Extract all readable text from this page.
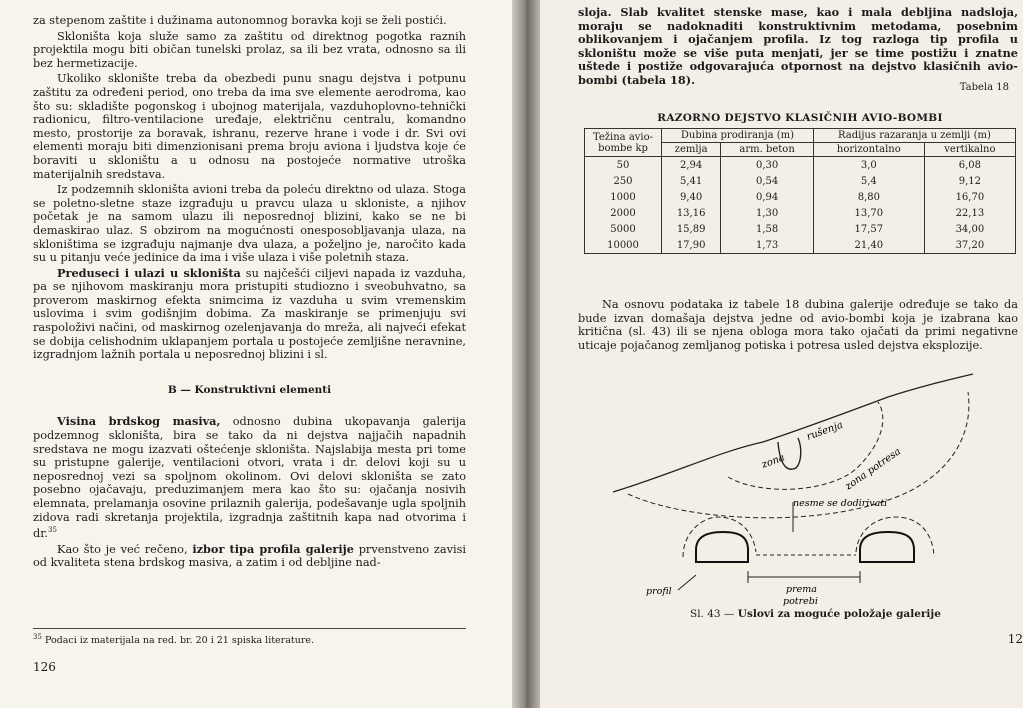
za stepenom zaštite i dužinama autonomnog boravka koji se želi postići.

Skloništa koja služe samo za zaštitu od direktnog pogotka raznih projektila mogu biti običan tunelski prolaz, sa ili bez vrata, odnosno sa ili bez hermetizacije.

Ukoliko sklonište treba da obezbedi punu snagu dejstva i potpunu zaštitu za određeni period, ono treba da ima sve elemente aerodroma, kao što su: skladište pogonskog i ubojnog materijala, vazduhoplovno-tehnički radionicu, filtro-ventilacione uređaje, električnu centralu, komandno mesto, prostorije za boravak, ishranu, rezerve hrane i vode i dr. Svi ovi elementi moraju biti dimenzionisani prema broju aviona i ljudstva koje će boraviti u skloništu a u odnosu na postojeće normative utroška materijalnih sredstava.

Iz podzemnih skloništa avioni treba da poleću direktno od ulaza. Stoga se poletno-sletne staze izgrađuju u pravcu ulaza u skloniste, a njihov početak je na samom ulazu ili neposrednoj blizini, kako se ne bi demaskirao ulaz. S obzirom na mogućnosti onesposobljavanja ulaza, na skloništima se izgrađuju najmanje dva ulaza, a poželjno je, naročito kada su u pitanju veće jedinice da ima i više ulaza i više poletnih staza.

Preduseci i ulazi u skloništa su najčešći ciljevi napada iz vazduha, pa se njihovom maskiranju mora pristupiti studiozno i sveobuhvatno, sa proverom maskirnog efekta snimcima iz vazduha u svim vremenskim uslovima i svim godišnjim dobima. Za maskiranje se primenjuju svi raspoloživi načini, od maskirnog ozelenjavanja do mreža, ali najveći efekat se dobija celishodnim uklapanjem portala u postojeće zemljišne neravnine, izgradnjom lažnih portala u neposrednoj blizini i sl.

B — Konstruktivni elementi

Visina brdskog masiva, odnosno dubina ukopavanja galerija podzemnog skloništa, bira se tako da ni dejstva najjačih napadnih sredstava ne mogu izazvati oštećenje skloništa. Najslabija mesta pri tome su pristupne galerije, ventilacioni otvori, vrata i dr. delovi koji su u neposrednoj vezi sa spoljnom okolinom. Ovi delovi skloništa se zato posebno ojačavaju, preduzimanjem mera kao što su: ojačanja nosivih elemnata, prelamanja osovine prilaznih galerija, podešavanje ugla spoljnih zidova radi skretanja projektila, izgradnja zaštitnih kapa nad otvorima i dr.$^{35}$

Kao što je već rečeno, izbor tipa profila galerije prvenstveno zavisi od kvaliteta stena brdskog masiva, a zatim i od debljine nad-

$^{35}$ Podaci iz materijala na red. br. 20 i 21 spiska literature.
126

sloja. Slab kvalitet stenske mase, kao i mala debljina nadsloja, moraju se nadoknaditi konstruktivnim metodama, posebnim oblikovanjem i ojačanjem profila. Iz tog razloga tip profila u skloništu može se više puta menjati, jer se time postižu i znatne uštede i postiže odgovarajuća otpornost na dejstvo klasičnih avio-bombi (tabela 18).

Tabela 18
RAZORNO DEJSTVO KLASIČNIH AVIO-BOMBI
Težina avio-bombe kp	Dubina prodiranja (m)		Radijus razaranja u zemlji (m)	
	zemlja	arm. beton	horizontalno	vertikalno
50	2,94	0,30	3,0	6,08
250	5,41	0,54	5,4	9,12
1000	9,40	0,94	8,80	16,70
2000	13,16	1,30	13,70	22,13
5000	15,89	1,58	17,57	34,00
10000	17,90	1,73	21,40	37,20

Na osnovu podataka iz tabele 18 dubina galerije određuje se tako da bude izvan domašaja dejstva jedne od avio-bombi koja je izabrana kao kritična (sl. 43) ili se njena obloga mora tako ojačati da primi negativne uticaje pojačanog zemljanog potiska i potresa usled dejstva eksplozije.

zona
rušenja
zona potresa
nesme se dodirivati
profil	prema
potrebi
Sl. 43 — Uslovi za moguće položaje galerije
12
